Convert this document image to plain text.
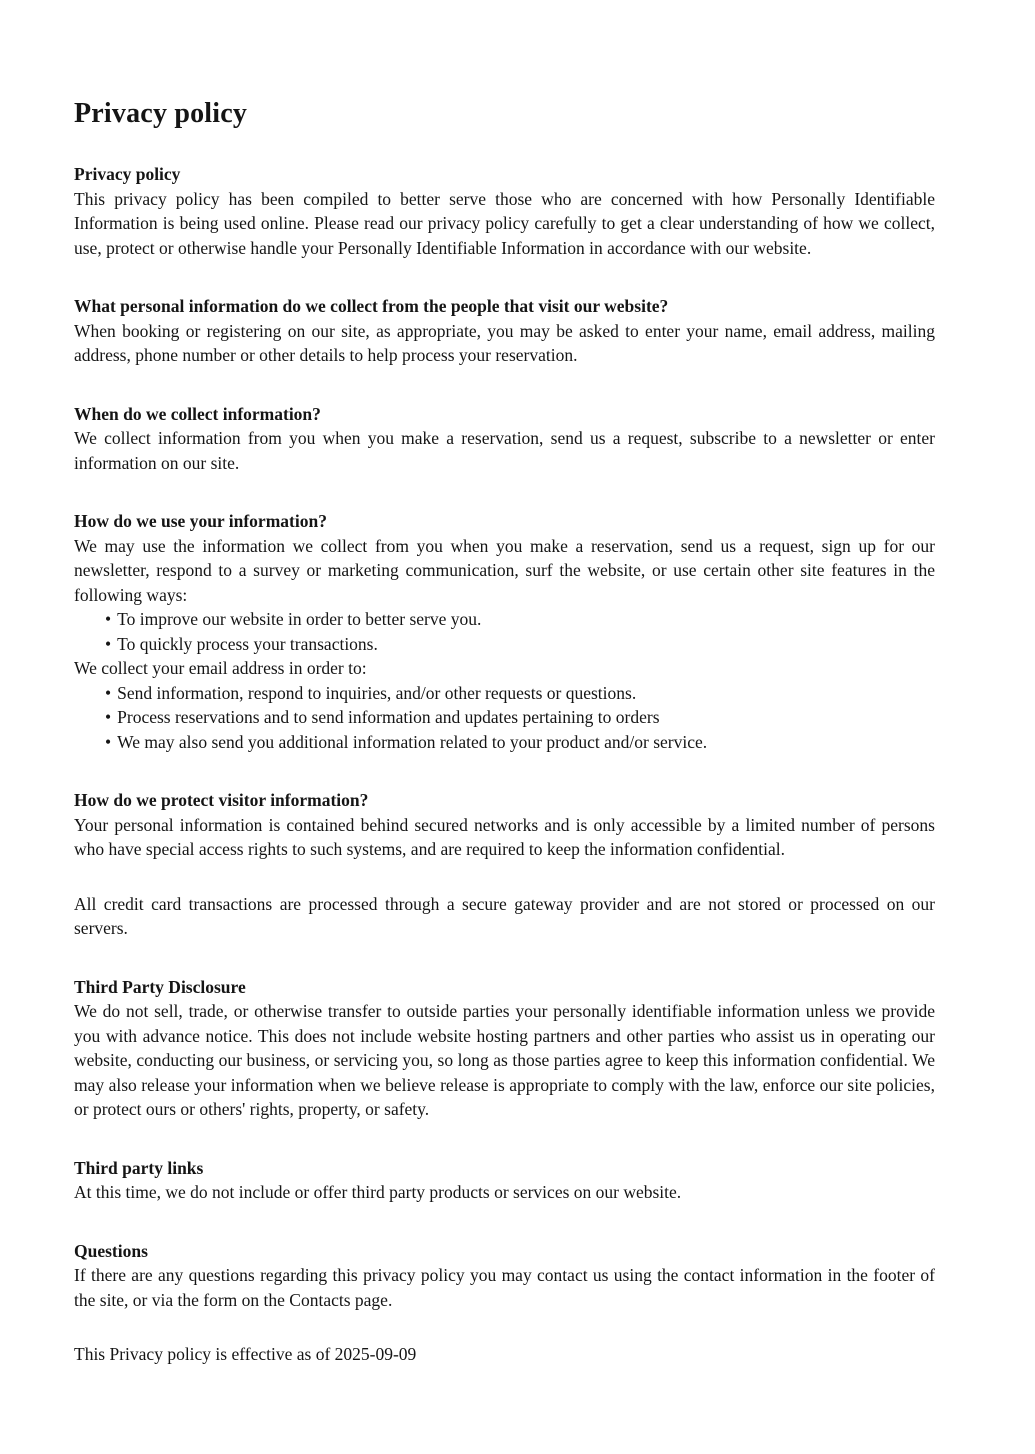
Privacy policy
Privacy policy

This privacy policy has been compiled to better serve those who are concerned with how Personally Identifiable Information is being used online. Please read our privacy policy carefully to get a clear understanding of how we collect, use, protect or otherwise handle your Personally Identifiable Information in accordance with our website.

What personal information do we collect from the people that visit our website?

When booking or registering on our site, as appropriate, you may be asked to enter your name, email address, mailing address, phone number or other details to help process your reservation.

When do we collect information?

We collect information from you when you make a reservation, send us a request, subscribe to a newsletter or enter information on our site.

How do we use your information?

We may use the information we collect from you when you make a reservation, send us a request, sign up for our newsletter, respond to a survey or marketing communication, surf the website, or use certain other site features in the following ways:

• To improve our website in order to better serve you.
• To quickly process your transactions.

We collect your email address in order to:

• Send information, respond to inquiries, and/or other requests or questions.
• Process reservations and to send information and updates pertaining to orders
• We may also send you additional information related to your product and/or service.
How do we protect visitor information?

Your personal information is contained behind secured networks and is only accessible by a limited number of persons who have special access rights to such systems, and are required to keep the information confidential.

All credit card transactions are processed through a secure gateway provider and are not stored or processed on our servers.

Third Party Disclosure

We do not sell, trade, or otherwise transfer to outside parties your personally identifiable information unless we provide you with advance notice. This does not include website hosting partners and other parties who assist us in operating our website, conducting our business, or servicing you, so long as those parties agree to keep this information confidential. We may also release your information when we believe release is appropriate to comply with the law, enforce our site policies, or protect ours or others' rights, property, or safety.

Third party links

At this time, we do not include or offer third party products or services on our website.

Questions

If there are any questions regarding this privacy policy you may contact us using the contact information in the footer of the site, or via the form on the Contacts page.

This Privacy policy is effective as of 2025-09-09
